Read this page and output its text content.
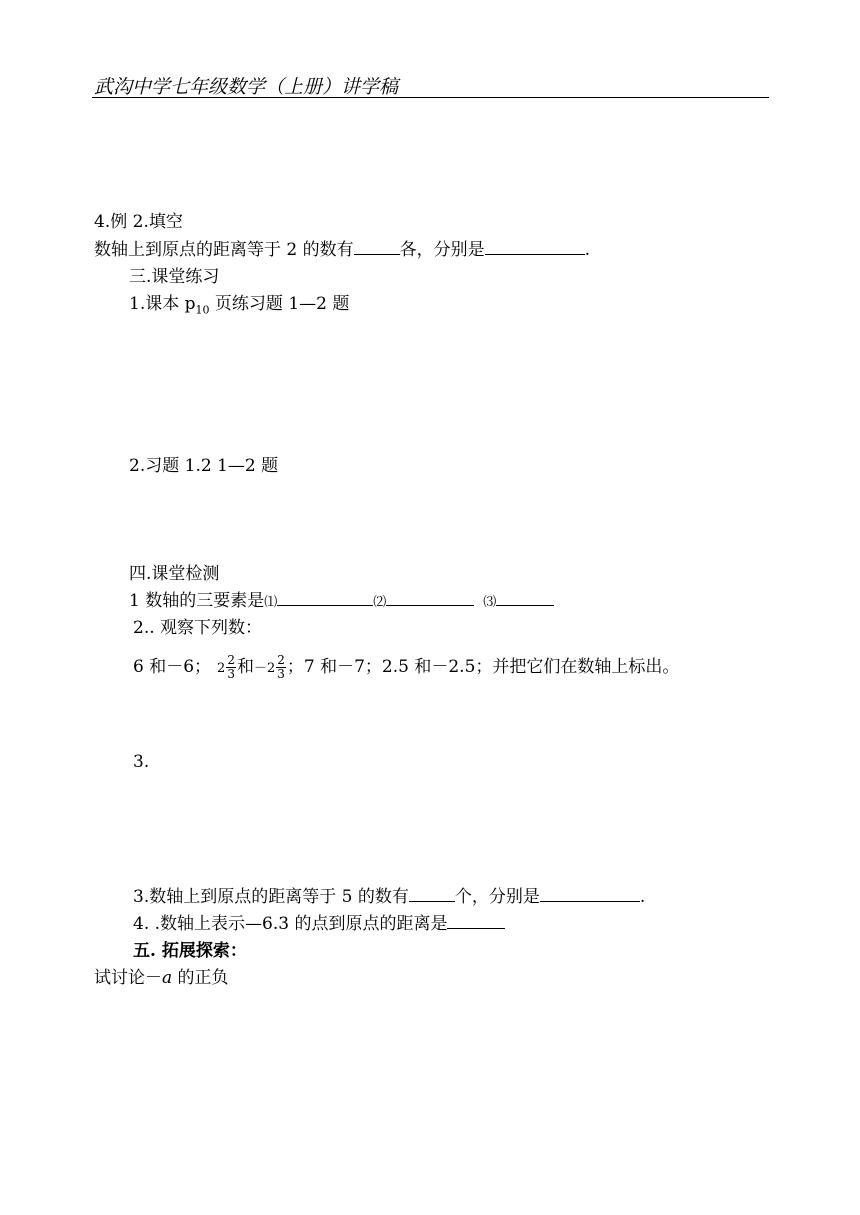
武沟中学七年级数学（上册）讲学稿
4.例 2.填空
数轴上到原点的距离等于 2 的数有	各，分别是	.
三.课堂练习
1.课本 $p_{10}$ 页练习题 1—2 题
2.习题 1.2 1—2 题
四.课堂检测
1 数轴的三要素是⑴	⑵	⑶
2.. 观察下列数：
6 和－6； $2 \frac{2}{3}$ 和$-2 \frac{2}{3}$ ；7 和－7；2.5 和－2.5；并把它们在数轴上标出。
3.
3.数轴上到原点的距离等于 5 的数有	个，分别是	.
4. .数轴上表示—6.3 的点到原点的距离是
五. 拓展探索：
试讨论－a 的正负
